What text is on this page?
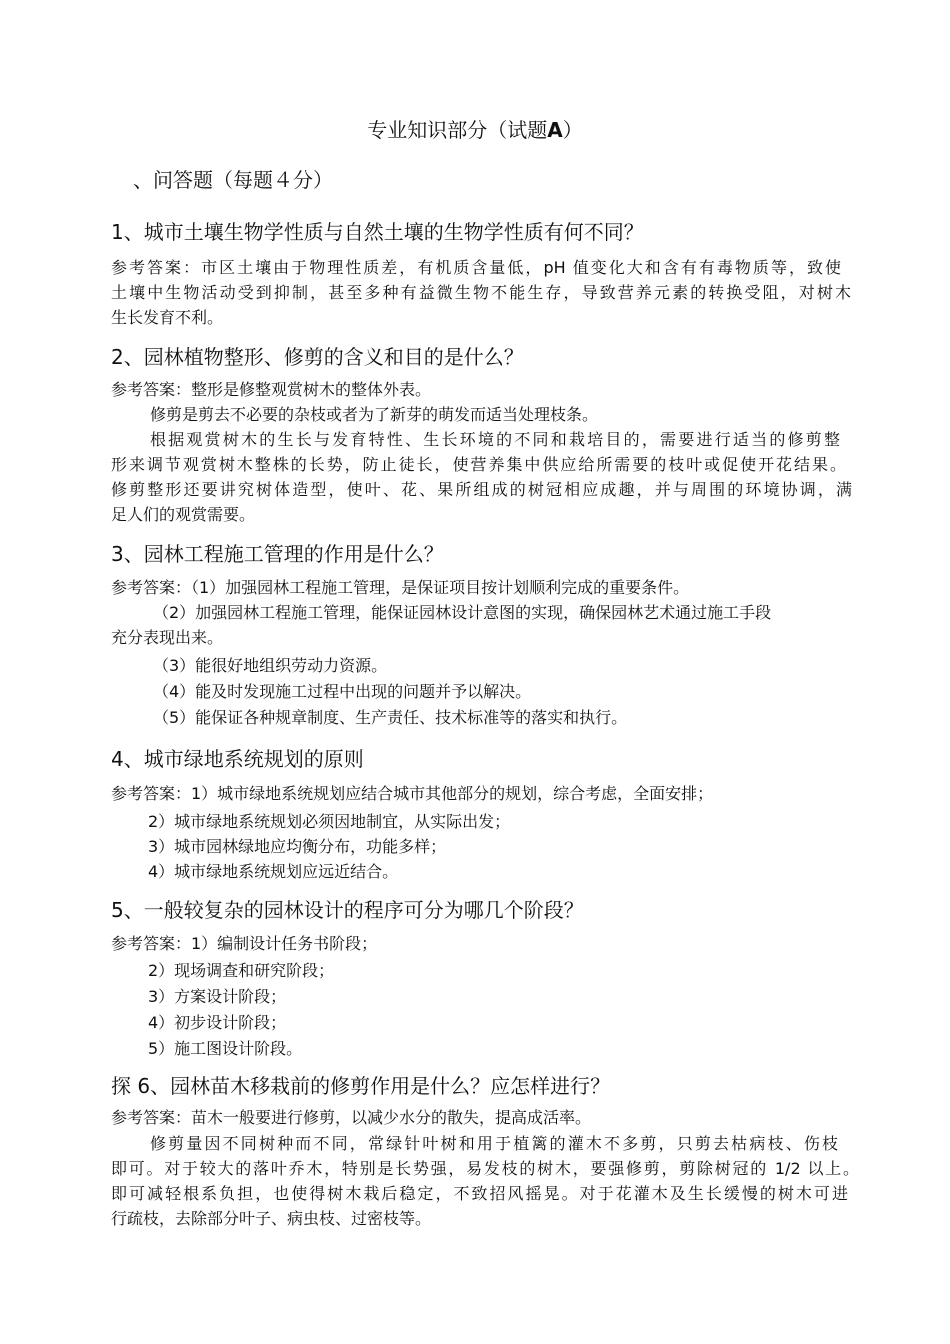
专业知识部分（试题A）
、问答题（每题４分）
1、城市土壤生物学性质与自然土壤的生物学性质有何不同？
参考答案：市区土壤由于物理性质差，有机质含量低，pH 值变化大和含有有毒物质等，致使
土壤中生物活动受到抑制，甚至多种有益微生物不能生存，导致营养元素的转换受阻，对树木
生长发育不利。
2、园林植物整形、修剪的含义和目的是什么？
参考答案：整形是修整观赏树木的整体外表。
修剪是剪去不必要的杂枝或者为了新芽的萌发而适当处理枝条。
根据观赏树木的生长与发育特性、生长环境的不同和栽培目的，需要进行适当的修剪整
形来调节观赏树木整株的长势，防止徒长，使营养集中供应给所需要的枝叶或促使开花结果。
修剪整形还要讲究树体造型，使叶、花、果所组成的树冠相应成趣，并与周围的环境协调，满
足人们的观赏需要。
3、园林工程施工管理的作用是什么？
参考答案：（1）加强园林工程施工管理，是保证项目按计划顺利完成的重要条件。
（2）加强园林工程施工管理，能保证园林设计意图的实现，确保园林艺术通过施工手段
充分表现出来。
（3）能很好地组织劳动力资源。
（4）能及时发现施工过程中出现的问题并予以解决。
（5）能保证各种规章制度、生产责任、技术标准等的落实和执行。
4、城市绿地系统规划的原则
参考答案：1）城市绿地系统规划应结合城市其他部分的规划，综合考虑，全面安排；
2）城市绿地系统规划必须因地制宜，从实际出发；
3）城市园林绿地应均衡分布，功能多样；
4）城市绿地系统规划应远近结合。
5、一般较复杂的园林设计的程序可分为哪几个阶段？
参考答案：1）编制设计任务书阶段；
2）现场调查和研究阶段；
3）方案设计阶段；
4）初步设计阶段；
5）施工图设计阶段。
探 6、园林苗木移栽前的修剪作用是什么？应怎样进行？
参考答案：苗木一般要进行修剪，以减少水分的散失，提高成活率。
修剪量因不同树种而不同，常绿针叶树和用于植篱的灌木不多剪，只剪去枯病枝、伤枝
即可。对于较大的落叶乔木，特别是长势强，易发枝的树木，要强修剪，剪除树冠的 1/2 以上。
即可减轻根系负担，也使得树木栽后稳定，不致招风摇晃。对于花灌木及生长缓慢的树木可进
行疏枝，去除部分叶子、病虫枝、过密枝等。
